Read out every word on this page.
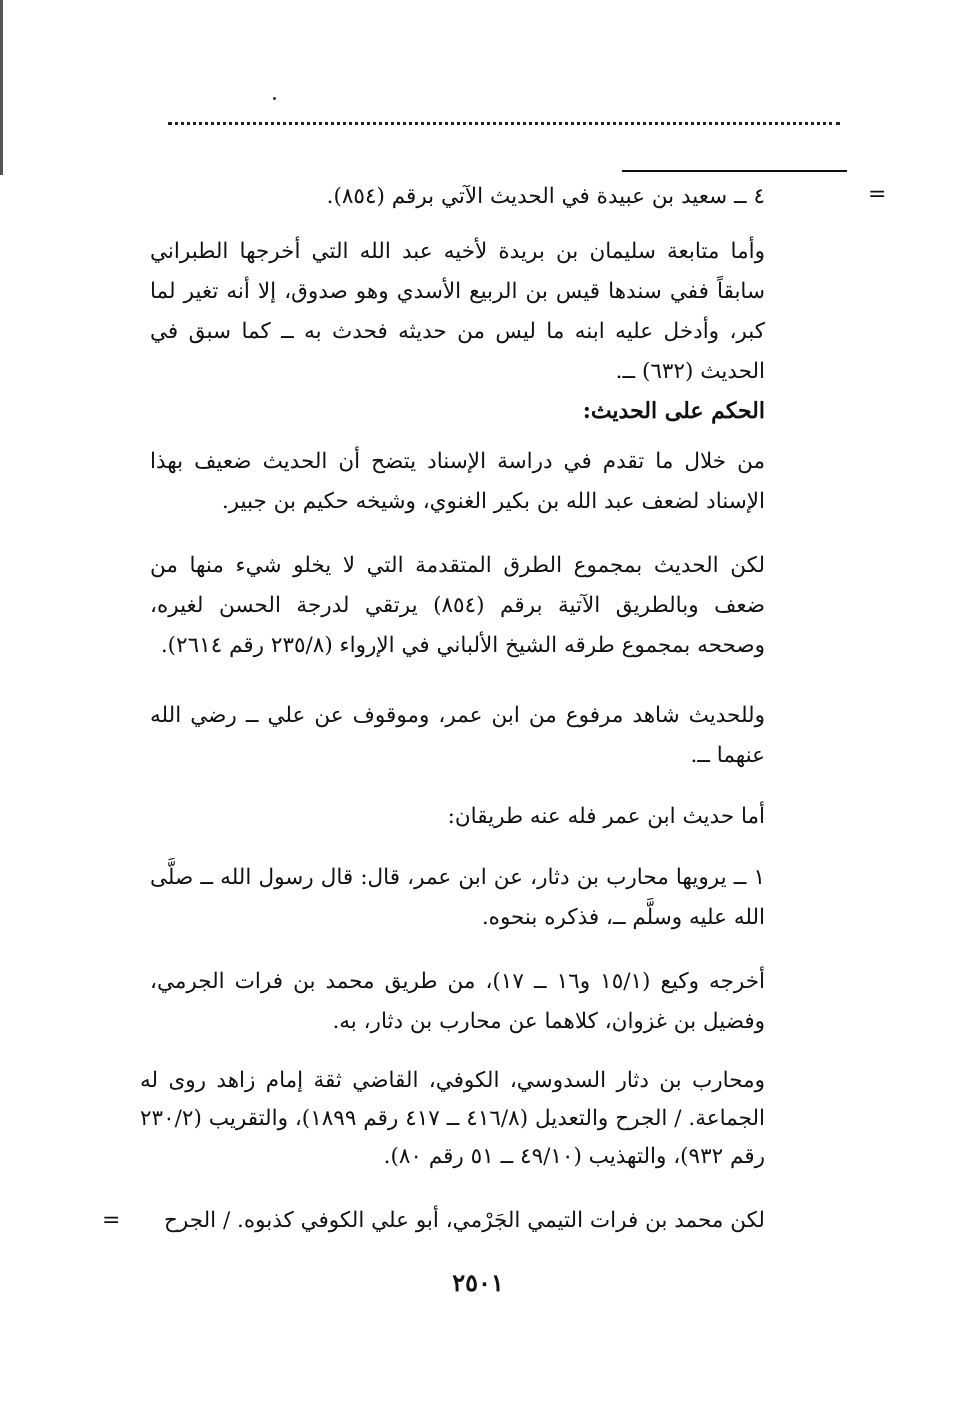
=

٤ ــ سعيد بن عبيدة في الحديث الآتي برقم (٨٥٤).

وأما متابعة سليمان بن بريدة لأخيه عبد الله التي أخرجها الطبراني سابقاً ففي سندها قيس بن الربيع الأسدي وهو صدوق، إلا أنه تغير لما كبر، وأدخل عليه ابنه ما ليس من حديثه فحدث به ــ كما سبق في الحديث (٦٣٢) ــ.

الحكم على الحديث:

من خلال ما تقدم في دراسة الإسناد يتضح أن الحديث ضعيف بهذا الإسناد لضعف عبد الله بن بكير الغنوي، وشيخه حكيم بن جبير.

لكن الحديث بمجموع الطرق المتقدمة التي لا يخلو شيء منها من ضعف وبالطريق الآتية برقم (٨٥٤) يرتقي لدرجة الحسن لغيره، وصححه بمجموع طرقه الشيخ الألباني في الإرواء (٢٣٥/٨ رقم ٢٦١٤).

وللحديث شاهد مرفوع من ابن عمر، وموقوف عن علي ــ رضي الله عنهما ــ.

أما حديث ابن عمر فله عنه طريقان:

١ ــ يرويها محارب بن دثار، عن ابن عمر، قال: قال رسول الله ــ صلَّى الله عليه وسلَّم ــ، فذكره بنحوه.

أخرجه وكيع (١٥/١ و١٦ ــ ١٧)، من طريق محمد بن فرات الجرمي، وفضيل بن غزوان، كلاهما عن محارب بن دثار، به.

ومحارب بن دثار السدوسي، الكوفي، القاضي ثقة إمام زاهد روى له الجماعة. / الجرح والتعديل (٤١٦/٨ ــ ٤١٧ رقم ١٨٩٩)، والتقريب (٢٣٠/٢ رقم ٩٣٢)، والتهذيب (٤٩/١٠ ــ ٥١ رقم ٨٠).

لكن محمد بن فرات التيمي الجَرْمي، أبو علي الكوفي كذبوه. / الجرح

=
٢٥٠١
